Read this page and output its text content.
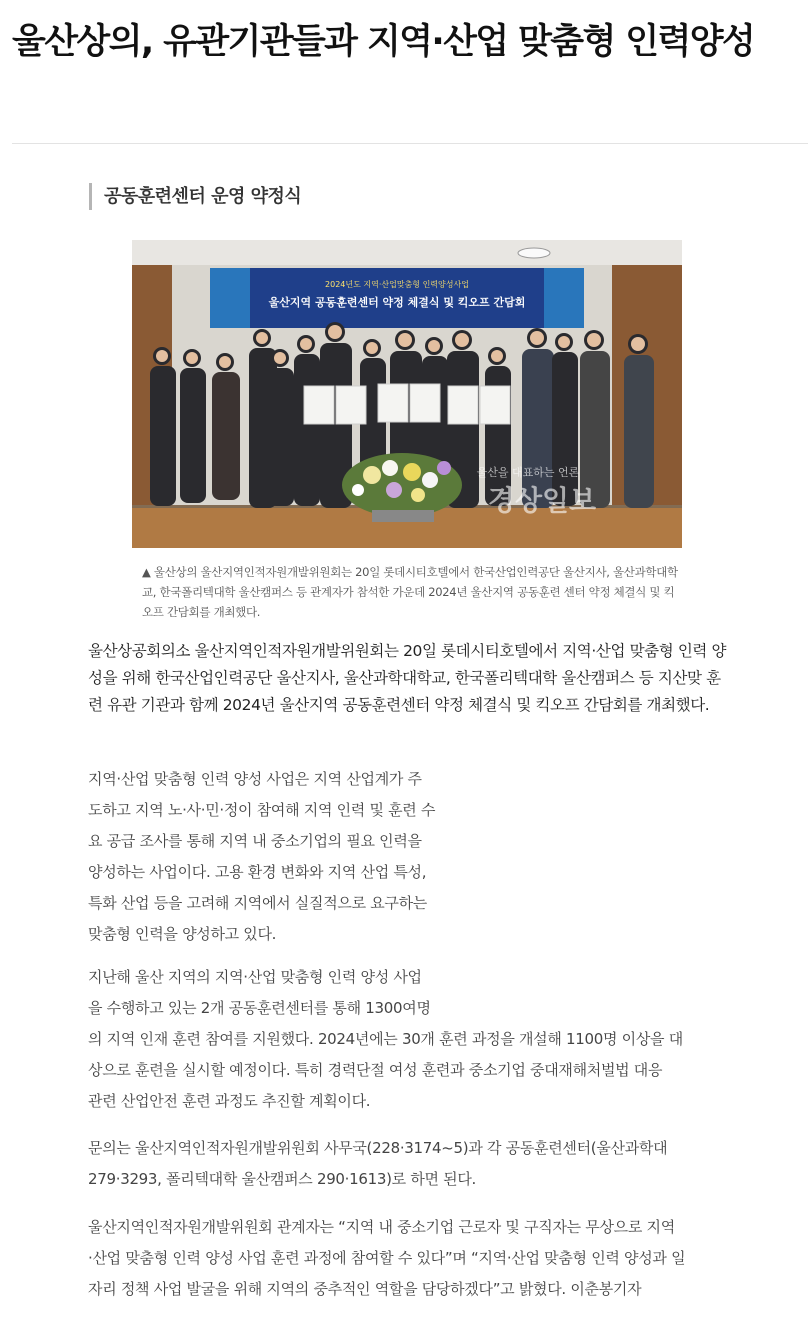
울산상의, 유관기관들과 지역·산업 맞춤형 인력양성
공동훈련센터 운영 약정식
2024년도 지역·산업맞춤형 인력양성사업
울산지역 공동훈련센터 약정 체결식 및 킥오프 간담회
울산을 대표하는 언론
경상일보

▲ 울산상의 울산지역인적자원개발위원회는 20일 롯데시티호텔에서 한국산업인력공단 울산지사, 울산과학대학교, 한국폴리텍대학 울산캠퍼스 등 관계자가 참석한 가운데 2024년 울산지역 공동훈련 센터 약정 체결식 및 킥오프 간담회를 개최했다.

울산상공회의소 울산지역인적자원개발위원회는 20일 롯데시티호텔에서 지역·산업 맞춤형 인력 양성을 위해 한국산업인력공단 울산지사, 울산과학대학교, 한국폴리텍대학 울산캠퍼스 등 지산맞 훈련 유관 기관과 함께 2024년 울산지역 공동훈련센터 약정 체결식 및 킥오프 간담회를 개최했다.

지역·산업 맞춤형 인력 양성 사업은 지역 산업계가 주
도하고 지역 노·사·민·정이 참여해 지역 인력 및 훈련 수
요 공급 조사를 통해 지역 내 중소기업의 필요 인력을
양성하는 사업이다. 고용 환경 변화와 지역 산업 특성,
특화 산업 등을 고려해 지역에서 실질적으로 요구하는
맞춤형 인력을 양성하고 있다.
지난해 울산 지역의 지역·산업 맞춤형 인력 양성 사업
을 수행하고 있는 2개 공동훈련센터를 통해 1300여명
의 지역 인재 훈련 참여를 지원했다. 2024년에는 30개 훈련 과정을 개설해 1100명 이상을 대
상으로 훈련을 실시할 예정이다. 특히 경력단절 여성 훈련과 중소기업 중대재해처벌법 대응
관련 산업안전 훈련 과정도 추진할 계획이다.
문의는 울산지역인적자원개발위원회 사무국(228·3174~5)과 각 공동훈련센터(울산과학대
279·3293, 폴리텍대학 울산캠퍼스 290·1613)로 하면 된다.
울산지역인적자원개발위원회 관계자는 “지역 내 중소기업 근로자 및 구직자는 무상으로 지역
·산업 맞춤형 인력 양성 사업 훈련 과정에 참여할 수 있다”며 “지역·산업 맞춤형 인력 양성과 일
자리 정책 사업 발굴을 위해 지역의 중추적인 역할을 담당하겠다”고 밝혔다. 이춘봉기자
